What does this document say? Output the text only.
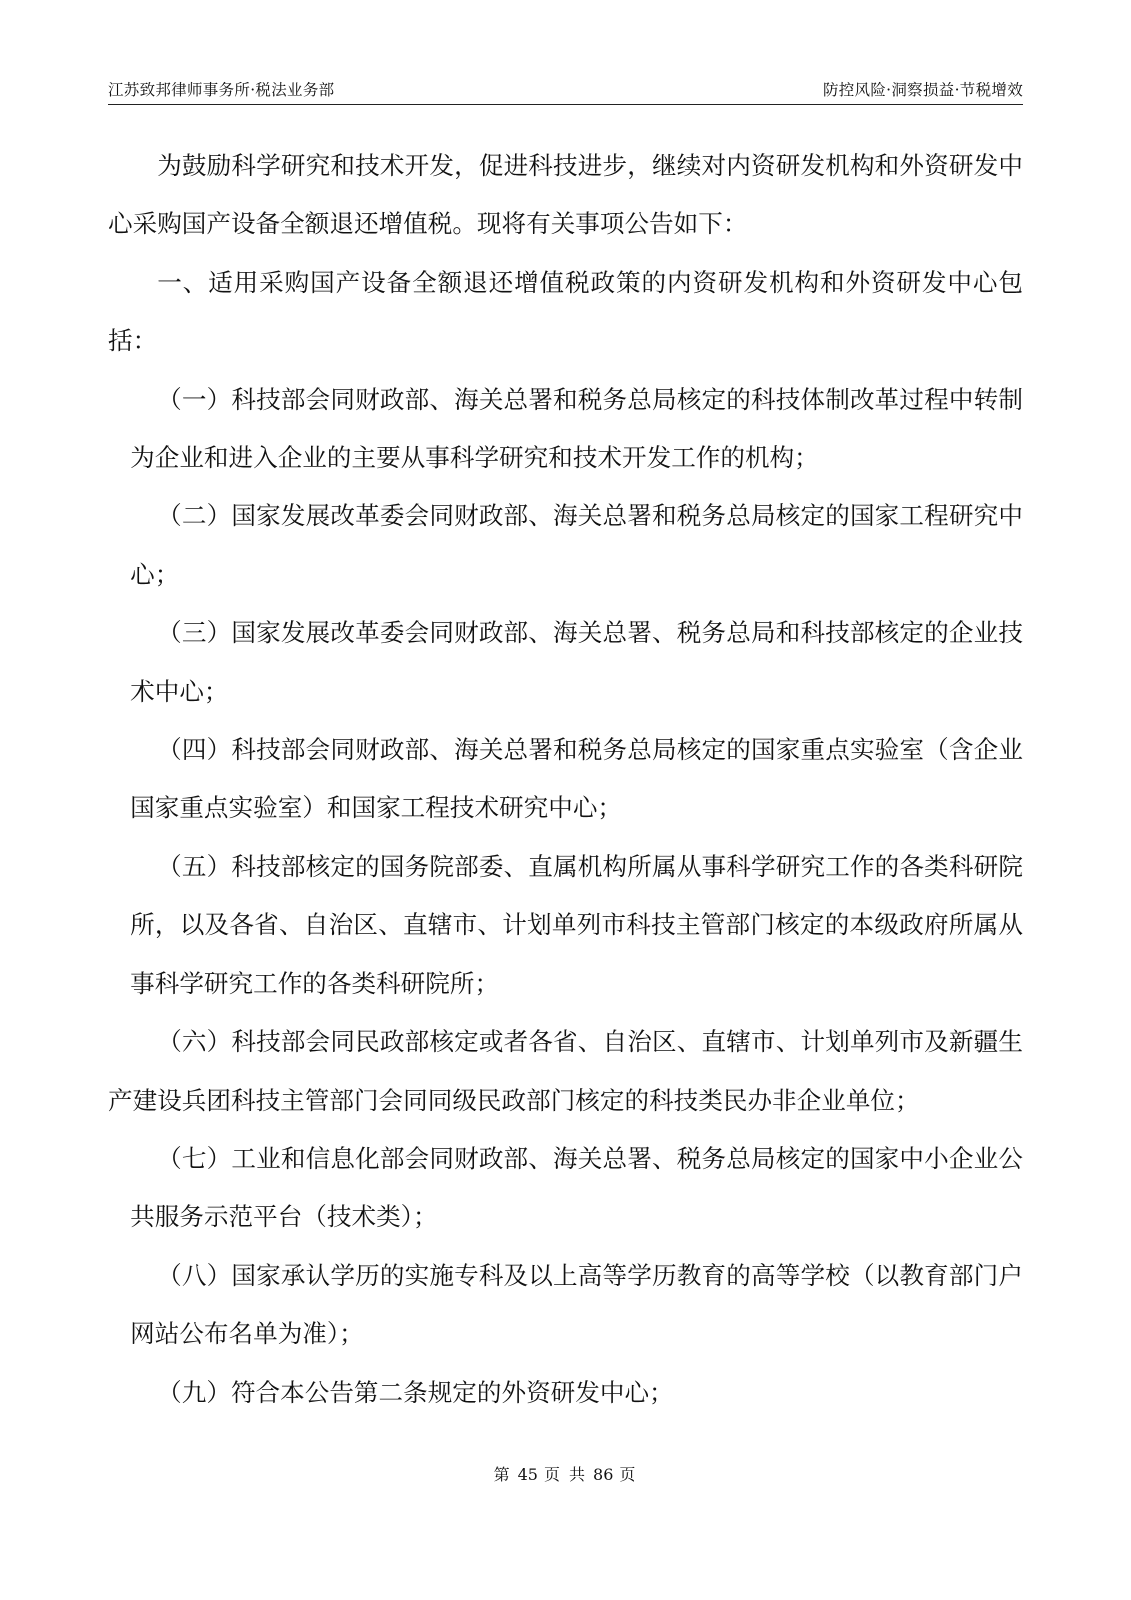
江苏致邦律师事务所·税法业务部	防控风险·洞察损益·节税增效

为鼓励科学研究和技术开发，促进科技进步，继续对内资研发机构和外资研发中心采购国产设备全额退还增值税。现将有关事项公告如下：

一、适用采购国产设备全额退还增值税政策的内资研发机构和外资研发中心包括：

（一）科技部会同财政部、海关总署和税务总局核定的科技体制改革过程中转制为企业和进入企业的主要从事科学研究和技术开发工作的机构；

（二）国家发展改革委会同财政部、海关总署和税务总局核定的国家工程研究中心；

（三）国家发展改革委会同财政部、海关总署、税务总局和科技部核定的企业技术中心；

（四）科技部会同财政部、海关总署和税务总局核定的国家重点实验室（含企业国家重点实验室）和国家工程技术研究中心；

（五）科技部核定的国务院部委、直属机构所属从事科学研究工作的各类科研院所，以及各省、自治区、直辖市、计划单列市科技主管部门核定的本级政府所属从事科学研究工作的各类科研院所；

（六）科技部会同民政部核定或者各省、自治区、直辖市、计划单列市及新疆生产建设兵团科技主管部门会同同级民政部门核定的科技类民办非企业单位；

（七）工业和信息化部会同财政部、海关总署、税务总局核定的国家中小企业公共服务示范平台（技术类）；

（八）国家承认学历的实施专科及以上高等学历教育的高等学校（以教育部门户网站公布名单为准）；

（九）符合本公告第二条规定的外资研发中心；

第 45 页 共 86 页
